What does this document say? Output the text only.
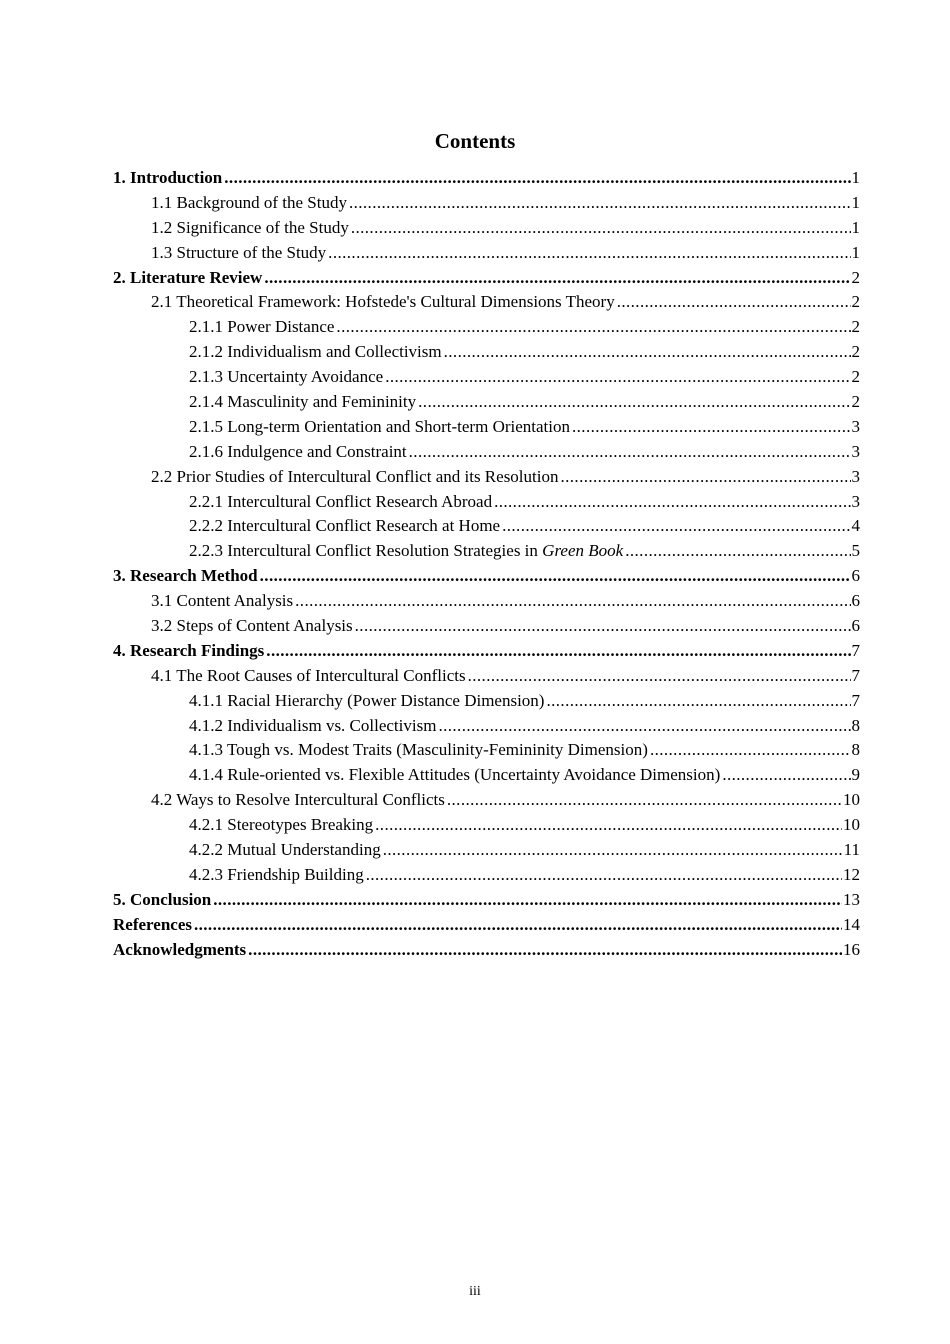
Contents
1. Introduction .....	1
1.1 Background of the Study .....	1
1.2 Significance of the Study .....	1
1.3 Structure of the Study .....	1
2. Literature Review .....	2
2.1 Theoretical Framework: Hofstede's Cultural Dimensions Theory .....	2
2.1.1 Power Distance .....	2
2.1.2 Individualism and Collectivism .....	2
2.1.3 Uncertainty Avoidance .....	2
2.1.4 Masculinity and Femininity .....	2
2.1.5 Long-term Orientation and Short-term Orientation .....	3
2.1.6 Indulgence and Constraint .....	3
2.2 Prior Studies of Intercultural Conflict and its Resolution .....	3
2.2.1 Intercultural Conflict Research Abroad .....	3
2.2.2 Intercultural Conflict Research at Home .....	4
2.2.3 Intercultural Conflict Resolution Strategies in Green Book .....	5
3. Research Method .....	6
3.1 Content Analysis .....	6
3.2 Steps of Content Analysis .....	6
4. Research Findings .....	7
4.1 The Root Causes of Intercultural Conflicts .....	7
4.1.1 Racial Hierarchy (Power Distance Dimension) .....	7
4.1.2 Individualism vs. Collectivism .....	8
4.1.3 Tough vs. Modest Traits (Masculinity-Femininity Dimension) .....	8
4.1.4 Rule-oriented vs. Flexible Attitudes (Uncertainty Avoidance Dimension) .....	9
4.2 Ways to Resolve Intercultural Conflicts .....	10
4.2.1 Stereotypes Breaking .....	10
4.2.2 Mutual Understanding .....	11
4.2.3 Friendship Building .....	12
5. Conclusion .....	13
References .....	14
Acknowledgments .....	16
iii
